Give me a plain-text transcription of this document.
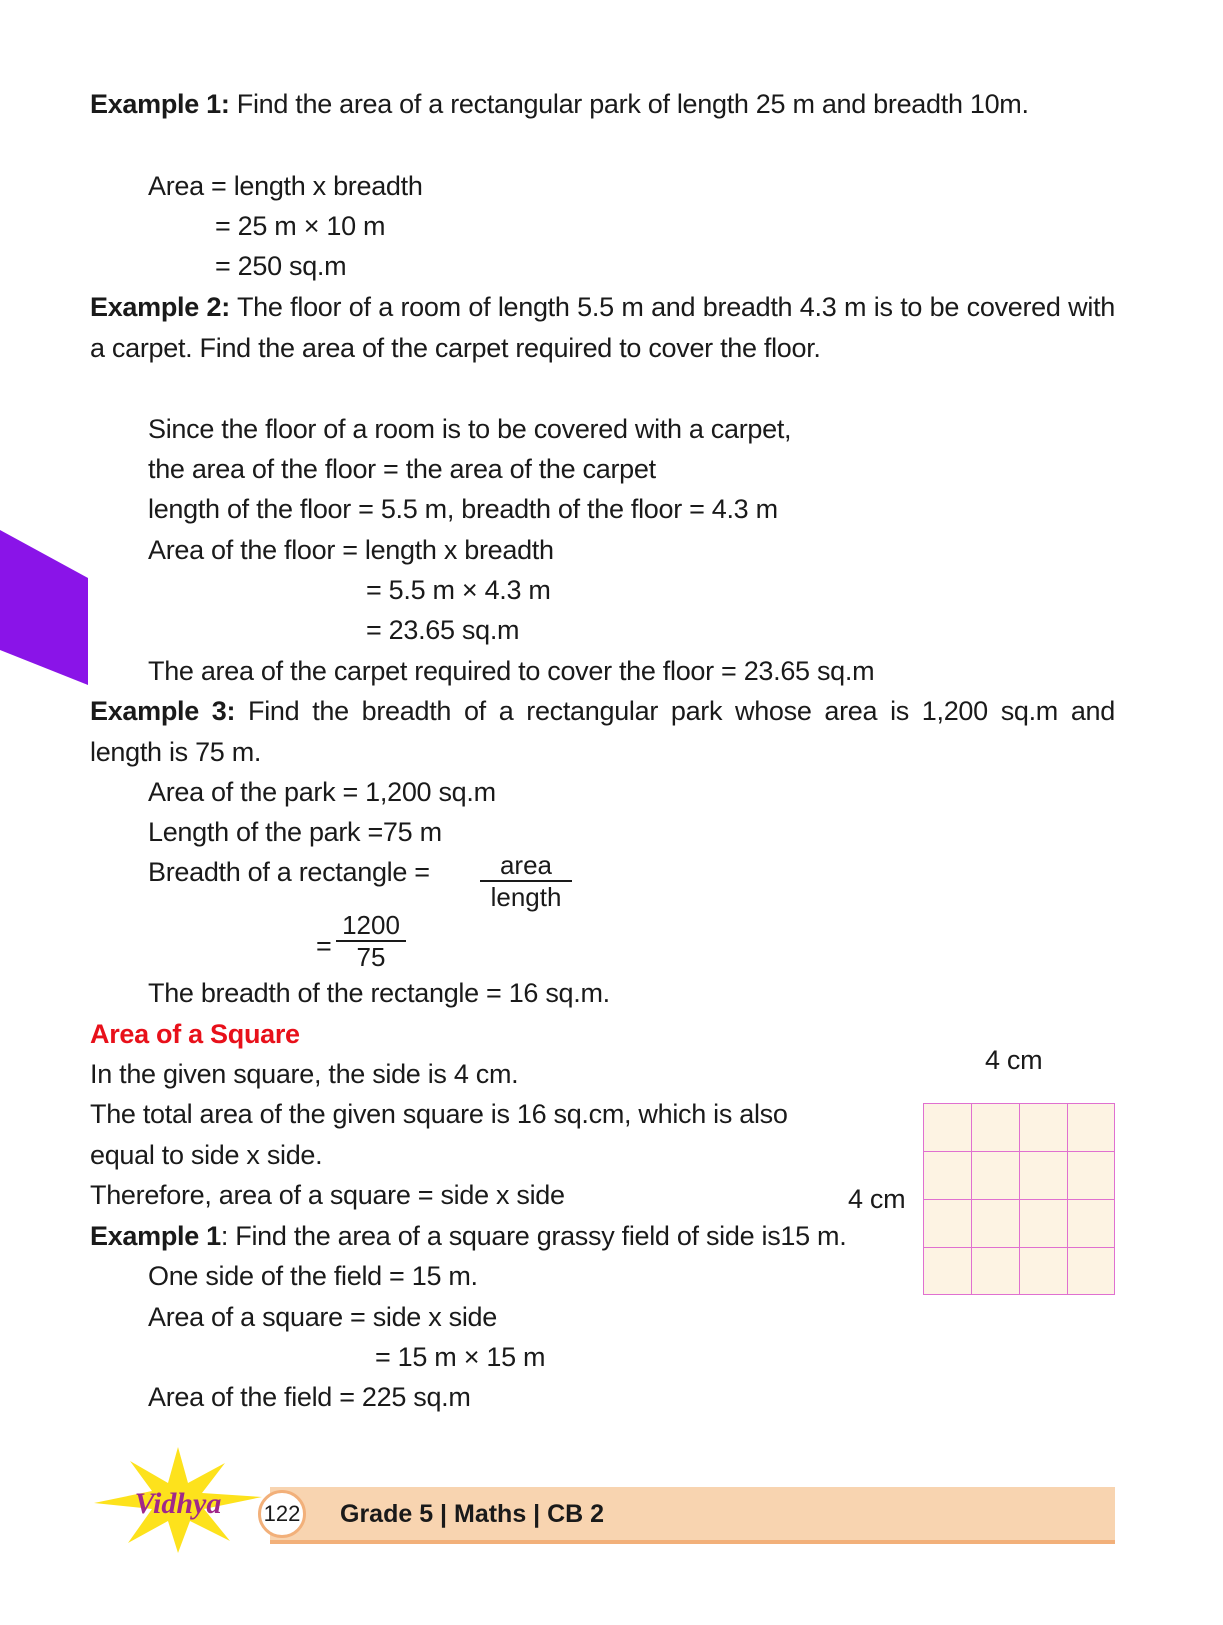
Example 1: Find the area of a rectangular park of length 25 m and breadth 10m.
Area = length x breadth
= 25 m × 10 m
= 250 sq.m
Example 2: The floor of a room of length 5.5 m and breadth 4.3 m is to be covered with a carpet. Find the area of the carpet required to cover the floor.
Since the floor of a room is to be covered with a carpet,
the area of the floor = the area of the carpet
length of the floor = 5.5 m, breadth of the floor = 4.3 m
Area of the floor = length x breadth
= 5.5 m × 4.3 m
= 23.65 sq.m
The area of the carpet required to cover the floor = 23.65 sq.m
Example 3: Find the breadth of a rectangular park whose area is 1,200 sq.m and length is 75 m.
Area of the park = 1,200 sq.m
Length of the park =75 m
Breadth of a rectangle =	area
length
= $\frac{1200}{75}$
The breadth of the rectangle = 16 sq.m.
Area of a Square
In the given square, the side is 4 cm.
The total area of the given square is 16 sq.cm, which is also
equal to side x side.
Therefore, area of a square = side x side
4 cm
4 cm
Example 1: Find the area of a square grassy field of side is15 m.
One side of the field = 15 m.
Area of a square = side x side
= 15 m × 15 m
Area of the field = 225 sq.m
Vidhya 122 Grade 5 | Maths | CB 2
